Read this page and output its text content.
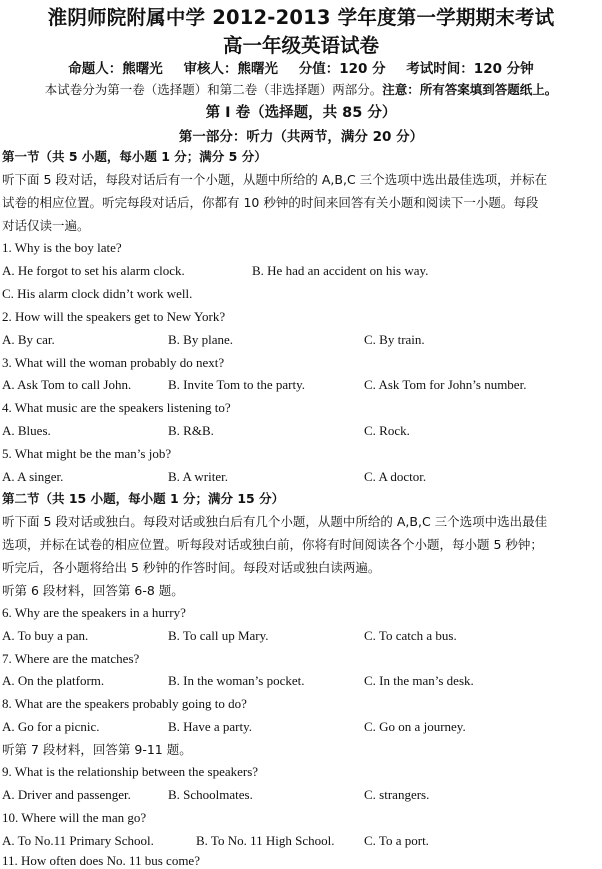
淮阴师院附属中学 2012-2013 学年度第一学期期末考试
高一年级英语试卷
命题人：熊曙光 审核人：熊曙光 分值：120 分 考试时间：120 分钟
本试卷分为第一卷（选择题）和第二卷（非选择题）两部分。注意：所有答案填到答题纸上。
第 I 卷（选择题，共 85 分）
第一部分：听力（共两节，满分 20 分）
第一节（共 5 小题，每小题 1 分；满分 5 分）
听下面 5 段对话，每段对话后有一个小题，从题中所给的 A,B,C 三个选项中选出最佳选项，并标在
试卷的相应位置。听完每段对话后，你都有 10 秒钟的时间来回答有关小题和阅读下一小题。每段
对话仅读一遍。
1. Why is the boy late?
A. He forgot to set his alarm clock.	B. He had an accident on his way.
C. His alarm clock didn’t work well.
2. How will the speakers get to New York?
A. By car.	B. By plane.	C. By train.
3. What will the woman probably do next?
A. Ask Tom to call John.	B. Invite Tom to the party.	C. Ask Tom for John’s number.
4. What music are the speakers listening to?
A. Blues.	B. R&B.	C. Rock.
5. What might be the man’s job?
A. A singer.	B. A writer.	C. A doctor.
第二节（共 15 小题，每小题 1 分；满分 15 分）
听下面 5 段对话或独白。每段对话或独白后有几个小题，从题中所给的 A,B,C 三个选项中选出最佳
选项，并标在试卷的相应位置。听每段对话或独白前，你将有时间阅读各个小题，每小题 5 秒钟；
听完后，各小题将给出 5 秒钟的作答时间。每段对话或独白读两遍。
听第 6 段材料，回答第 6-8 题。
6. Why are the speakers in a hurry?
A. To buy a pan.	B. To call up Mary.	C. To catch a bus.
7. Where are the matches?
A. On the platform.	B. In the woman’s pocket.	C. In the man’s desk.
8. What are the speakers probably going to do?
A. Go for a picnic.	B. Have a party.	C. Go on a journey.
听第 7 段材料，回答第 9-11 题。
9. What is the relationship between the speakers?
A. Driver and passenger.	B. Schoolmates.	C. strangers.
10. Where will the man go?
A. To No.11 Primary School.	B. To No. 11 High School. C. To a port.
11. How often does No. 11 bus come?
